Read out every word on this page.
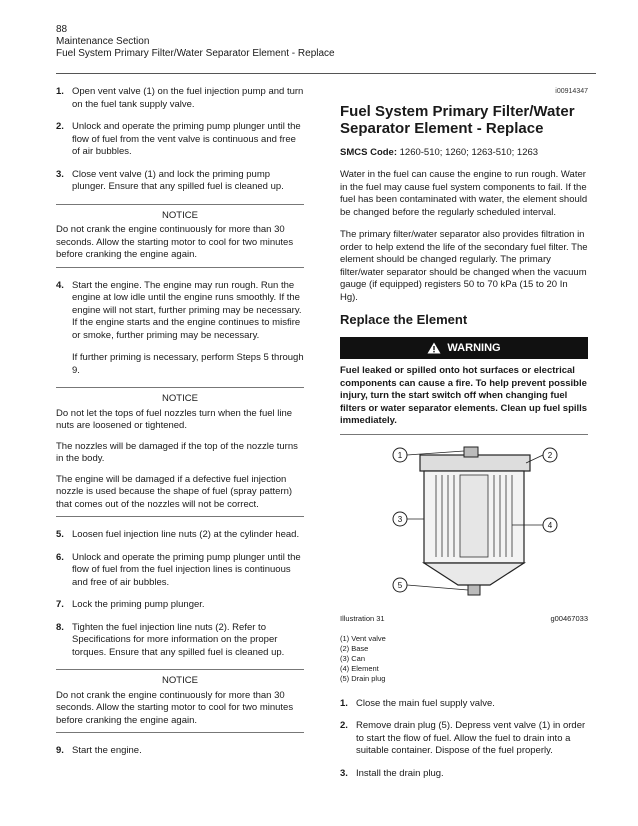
88
Maintenance Section
Fuel System Primary Filter/Water Separator Element - Replace
1. Open vent valve (1) on the fuel injection pump and turn on the fuel tank supply valve.
2. Unlock and operate the priming pump plunger until the flow of fuel from the vent valve is continuous and free of air bubbles.
3. Close vent valve (1) and lock the priming pump plunger. Ensure that any spilled fuel is cleaned up.
NOTICE

Do not crank the engine continuously for more than 30 seconds. Allow the starting motor to cool for two minutes before cranking the engine again.

4. Start the engine. The engine may run rough. Run the engine at low idle until the engine runs smoothly. If the engine will not start, further priming may be necessary. If the engine starts and the engine continues to misfire or smoke, further priming may be necessary.
If further priming is necessary, perform Steps 5 through 9.
NOTICE

Do not let the tops of fuel nozzles turn when the fuel line nuts are loosened or tightened.

The nozzles will be damaged if the top of the nozzle turns in the body.

The engine will be damaged if a defective fuel injection nozzle is used because the shape of fuel (spray pattern) that comes out of the nozzles will not be correct.

5. Loosen fuel injection line nuts (2) at the cylinder head.
6. Unlock and operate the priming pump plunger until the flow of fuel from the fuel injection lines is continuous and free of air bubbles.
7. Lock the priming pump plunger.
8. Tighten the fuel injection line nuts (2). Refer to Specifications for more information on the proper torques. Ensure that any spilled fuel is cleaned up.
NOTICE

Do not crank the engine continuously for more than 30 seconds. Allow the starting motor to cool for two minutes before cranking the engine again.

9. Start the engine.
i00914347
Fuel System Primary Filter/Water Separator Element - Replace
SMCS Code: 1260-510; 1260; 1263-510; 1263
Water in the fuel can cause the engine to run rough. Water in the fuel may cause fuel system components to fail. If the fuel has been contaminated with water, the element should be changed before the regularly scheduled interval.
The primary filter/water separator also provides filtration in order to help extend the life of the secondary fuel filter. The element should be changed regularly. The primary filter/water separator should be changed when the vacuum gauge (if equipped) registers 50 to 70 kPa (15 to 20 In Hg).
Replace the Element
WARNING
Fuel leaked or spilled onto hot surfaces or electrical components can cause a fire. To help prevent possible injury, turn the start switch off when changing fuel filters or water separator elements. Clean up fuel spills immediately.
1	2
3
4
5
Illustration 31	g00467033
(1) Vent valve
(2) Base
(3) Can
(4) Element
(5) Drain plug
1. Close the main fuel supply valve.
2. Remove drain plug (5). Depress vent valve (1) in order to start the flow of fuel. Allow the fuel to drain into a suitable container. Dispose of the fuel properly.
3. Install the drain plug.
